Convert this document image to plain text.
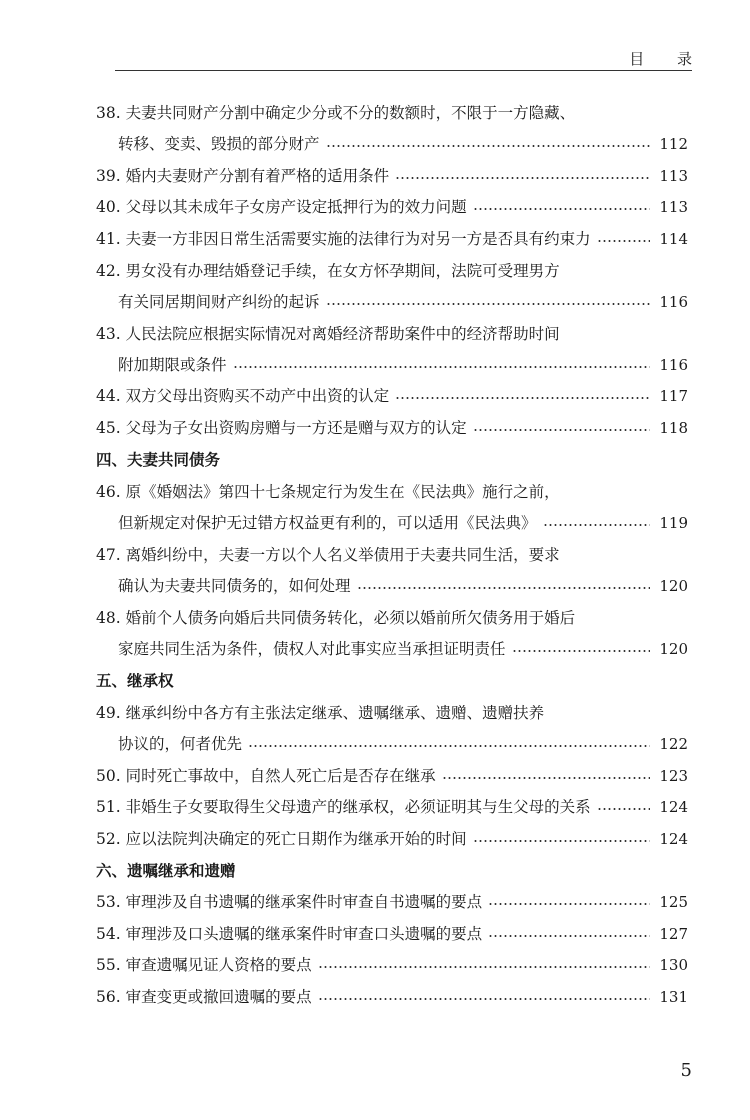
目 录
38. 夫妻共同财产分割中确定少分或不分的数额时，不限于一方隐藏、
转移、变卖、毁损的部分财产	112
39. 婚内夫妻财产分割有着严格的适用条件	113
40. 父母以其未成年子女房产设定抵押行为的效力问题	113
41. 夫妻一方非因日常生活需要实施的法律行为对另一方是否具有约束力	114
42. 男女没有办理结婚登记手续，在女方怀孕期间，法院可受理男方
有关同居期间财产纠纷的起诉	116
43. 人民法院应根据实际情况对离婚经济帮助案件中的经济帮助时间
附加期限或条件	116
44. 双方父母出资购买不动产中出资的认定	117
45. 父母为子女出资购房赠与一方还是赠与双方的认定	118
四、夫妻共同债务
46. 原《婚姻法》第四十七条规定行为发生在《民法典》施行之前，
但新规定对保护无过错方权益更有利的，可以适用《民法典》	119
47. 离婚纠纷中，夫妻一方以个人名义举债用于夫妻共同生活，要求
确认为夫妻共同债务的，如何处理	120
48. 婚前个人债务向婚后共同债务转化，必须以婚前所欠债务用于婚后
家庭共同生活为条件，债权人对此事实应当承担证明责任	120
五、继承权
49. 继承纠纷中各方有主张法定继承、遗嘱继承、遗赠、遗赠扶养
协议的，何者优先	122
50. 同时死亡事故中，自然人死亡后是否存在继承	123
51. 非婚生子女要取得生父母遗产的继承权，必须证明其与生父母的关系	124
52. 应以法院判决确定的死亡日期作为继承开始的时间	124
六、遗嘱继承和遗赠
53. 审理涉及自书遗嘱的继承案件时审查自书遗嘱的要点	125
54. 审理涉及口头遗嘱的继承案件时审查口头遗嘱的要点	127
55. 审查遗嘱见证人资格的要点	130
56. 审查变更或撤回遗嘱的要点	131
5
